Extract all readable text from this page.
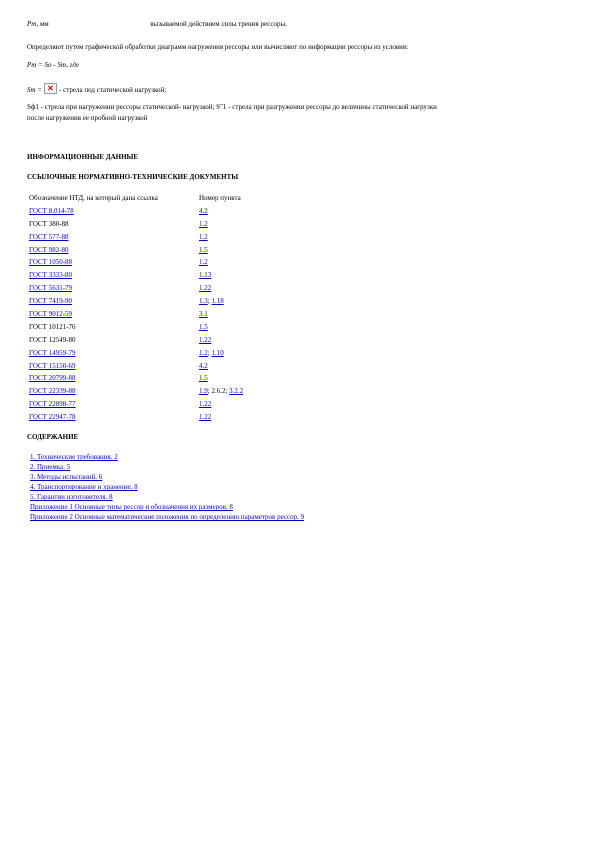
Pт, мм	вызываемой действием силы трения рессоры.
Определяют путем графической обработки диаграмм нагружения рессоры или вычисляют по информации рессоры из условия:
Pт = Sо - Sт, где
Sт = - стрела под статической нагрузкой;
Sф1 - стрела при нагружении рессоры статической- нагрузкой; S"1 - стрела при разгружении рессоры до величины статической нагрузки
после нагружения ее пробной нагрузкой
ИНФОРМАЦИОННЫЕ ДАННЫЕ
ССЫЛОЧНЫЕ НОРМАТИВНО-ТЕХНИЧЕСКИЕ ДОКУМЕНТЫ
Обозначение НТД, на который дана ссылка	Номер пункта
ГОСТ 8.014-78	4.2
ГОСТ 380-88	1.2
ГОСТ 577-88	1.2
ГОСТ 982-80	1.5
ГОСТ 1050-88	1.2
ГОСТ 3333-80	1.13
ГОСТ 5631-79	1.22
ГОСТ 7419-90	1.3; 1.18
ГОСТ 9012-59	3.1
ГОСТ 10121-76	1.5
ГОСТ 12549-80	1.22
ГОСТ 14959-79	1.2; 1.10
ГОСТ 15150-69	4.2
ГОСТ 20799-88	1.5
ГОСТ 22339-88	1.9; 2.6.2; 3.2.2
ГОСТ 22898-77	1.22
ГОСТ 22947-78	1.22
СОДЕРЖАНИЕ
1. Технические требования. 2
2. Приемка. 5
3. Методы испытаний. 6
4. Транспортирование и хранение. 8
5. Гарантии изготовителя. 8
Приложение 1 Основные типы рессор и обозначения их размеров. 8
Приложение 2 Основные математические положения по определению параметров рессор. 9
